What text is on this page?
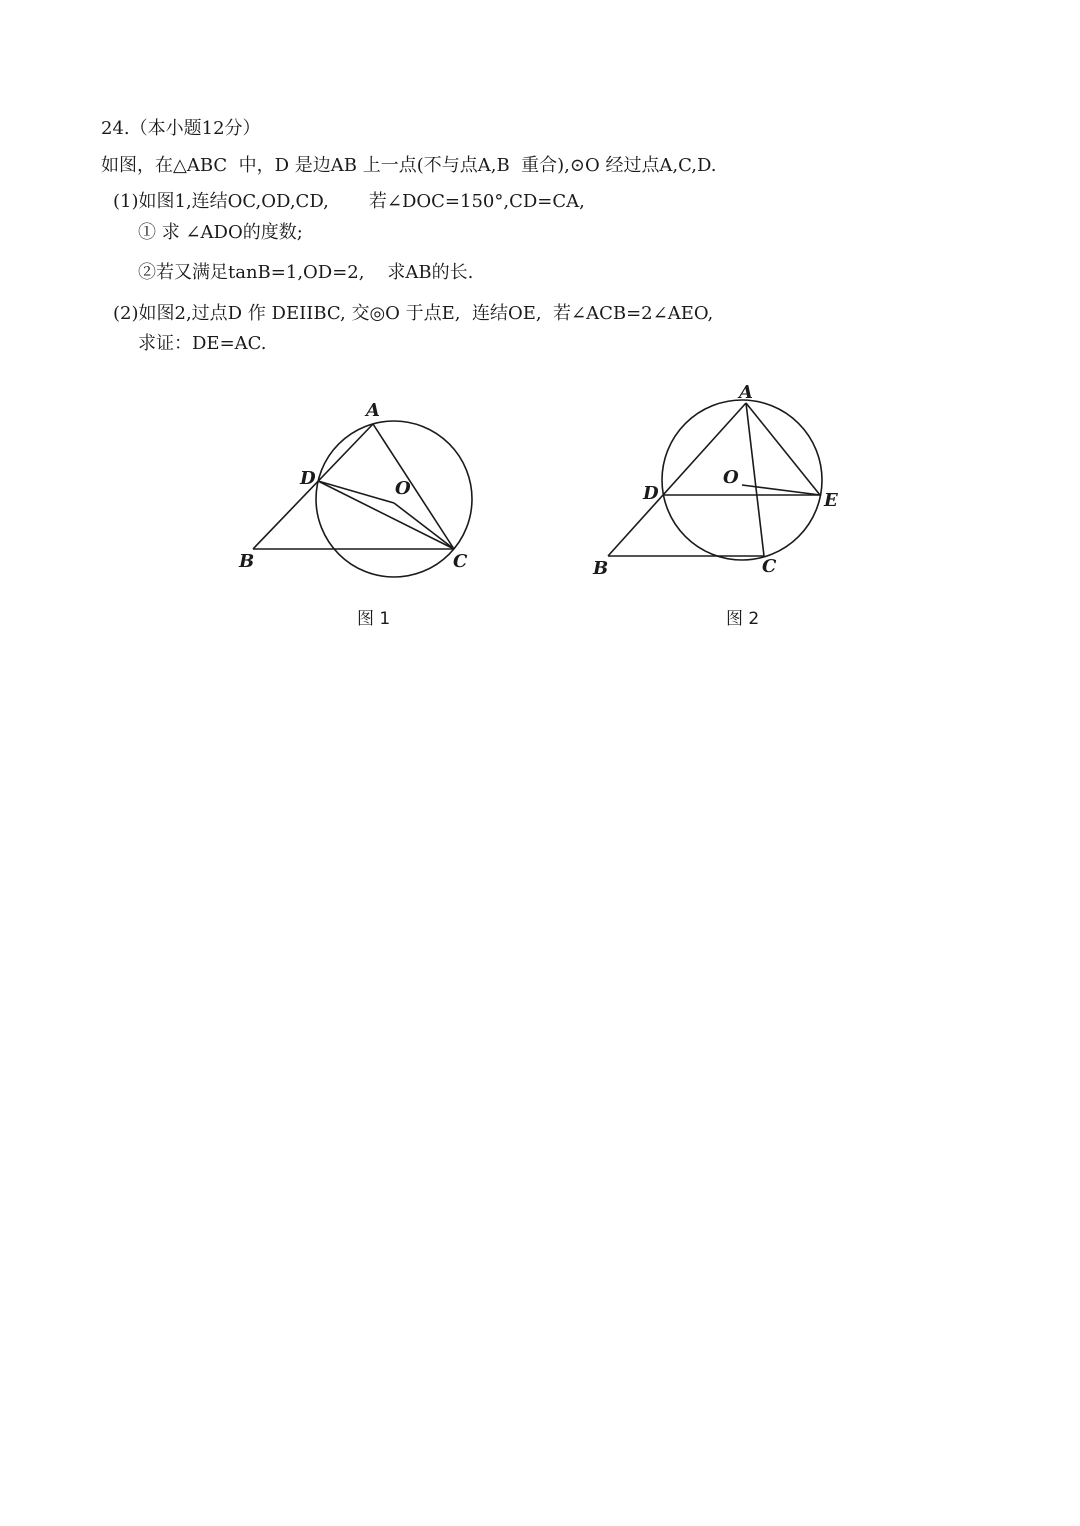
24.（本小题12分）
如图，在△ABC  中，D 是边AB 上一点(不与点A,B  重合),⊙O 经过点A,C,D.
(1)如图1,连结OC,OD,CD,       若∠DOC=150°,CD=CA,
① 求 ∠ADO的度数;
②若又满足tanB=1,OD=2,    求AB的长.
(2)如图2,过点D 作 DEIIBC, 交◎O 于点E,  连结OE,  若∠ACB=2∠AEO,
求证：DE=AC.
A
D	O
B	C
图 1
A
O
D	E
B	C
图 2
